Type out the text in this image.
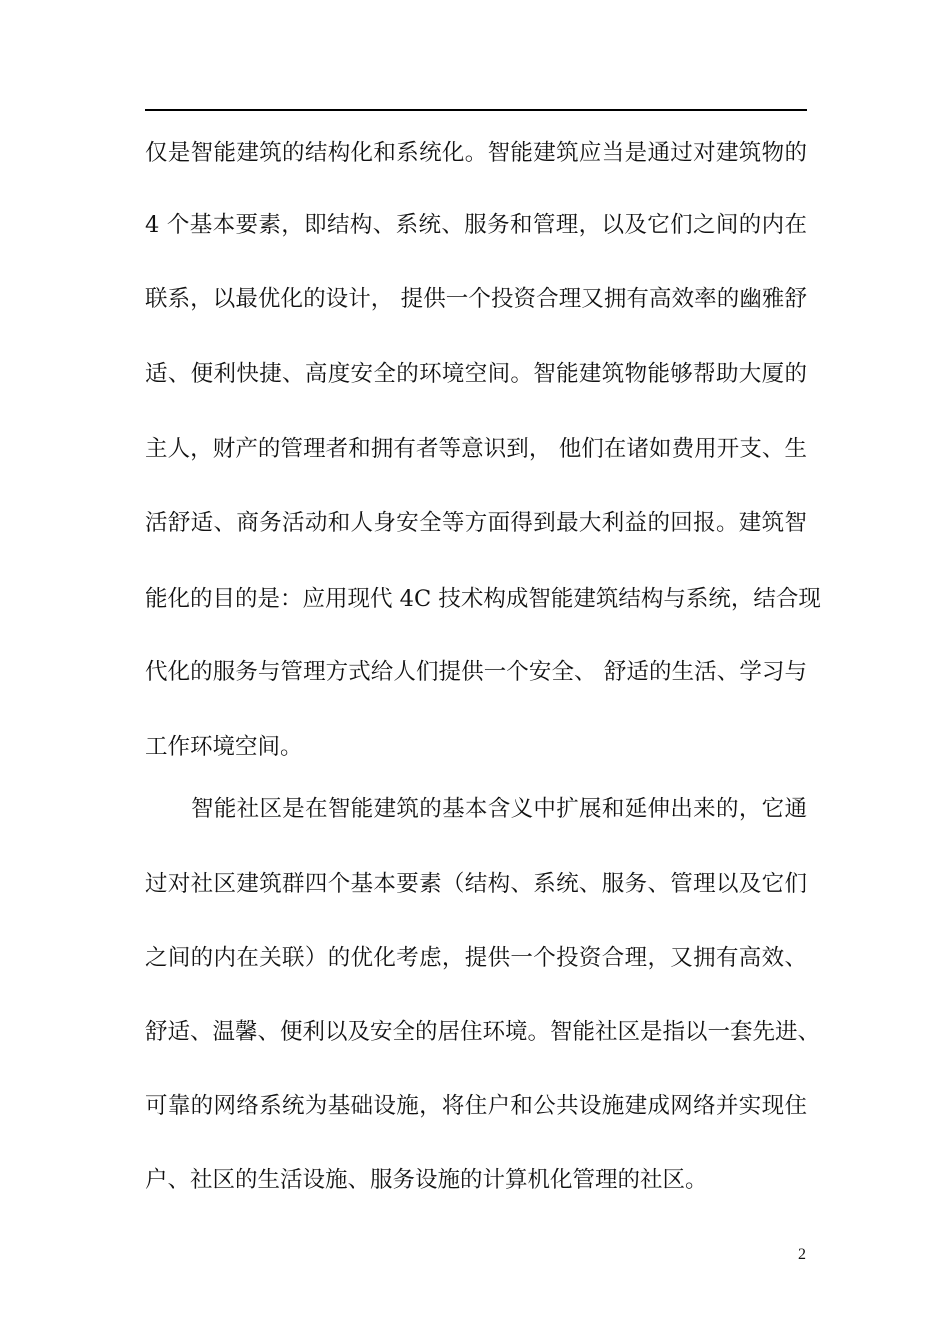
仅是智能建筑的结构化和系统化。智能建筑应当是通过对建筑物的
4 个基本要素，即结构、系统、服务和管理，以及它们之间的内在
联系，以最优化的设计， 提供一个投资合理又拥有高效率的幽雅舒
适、便利快捷、高度安全的环境空间。智能建筑物能够帮助大厦的
主人，财产的管理者和拥有者等意识到， 他们在诸如费用开支、生
活舒适、商务活动和人身安全等方面得到最大利益的回报。建筑智
能化的目的是：应用现代 4C 技术构成智能建筑结构与系统，结合现
代化的服务与管理方式给人们提供一个安全、 舒适的生活、学习与
工作环境空间。
智能社区是在智能建筑的基本含义中扩展和延伸出来的，它通
过对社区建筑群四个基本要素（结构、系统、服务、管理以及它们
之间的内在关联）的优化考虑，提供一个投资合理，又拥有高效、
舒适、温馨、便利以及安全的居住环境。智能社区是指以一套先进、
可靠的网络系统为基础设施，将住户和公共设施建成网络并实现住
户、社区的生活设施、服务设施的计算机化管理的社区。
2
